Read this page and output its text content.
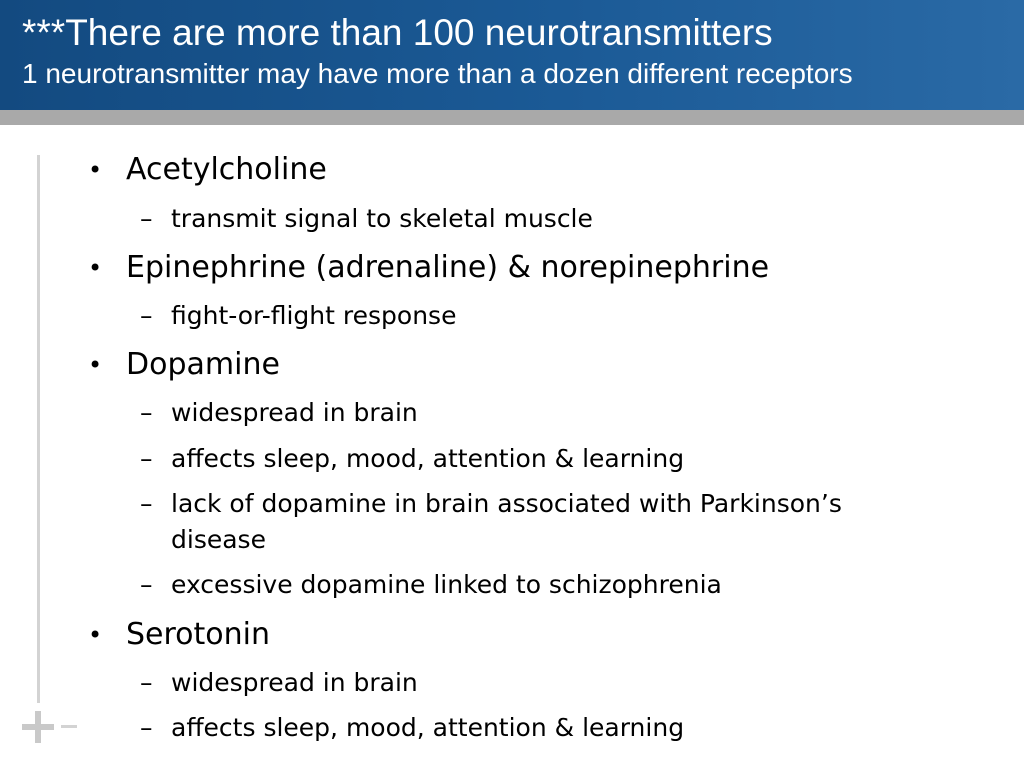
***There are more than 100 neurotransmitters
1 neurotransmitter may have more than a dozen different receptors
• Acetylcholine
– transmit signal to skeletal muscle
• Epinephrine (adrenaline) & norepinephrine
– fight-or-flight response
• Dopamine
– widespread in brain
– affects sleep, mood, attention & learning
– lack of dopamine in brain associated with Parkinson’s
disease
– excessive dopamine linked to schizophrenia
• Serotonin
– widespread in brain
– affects sleep, mood, attention & learning
